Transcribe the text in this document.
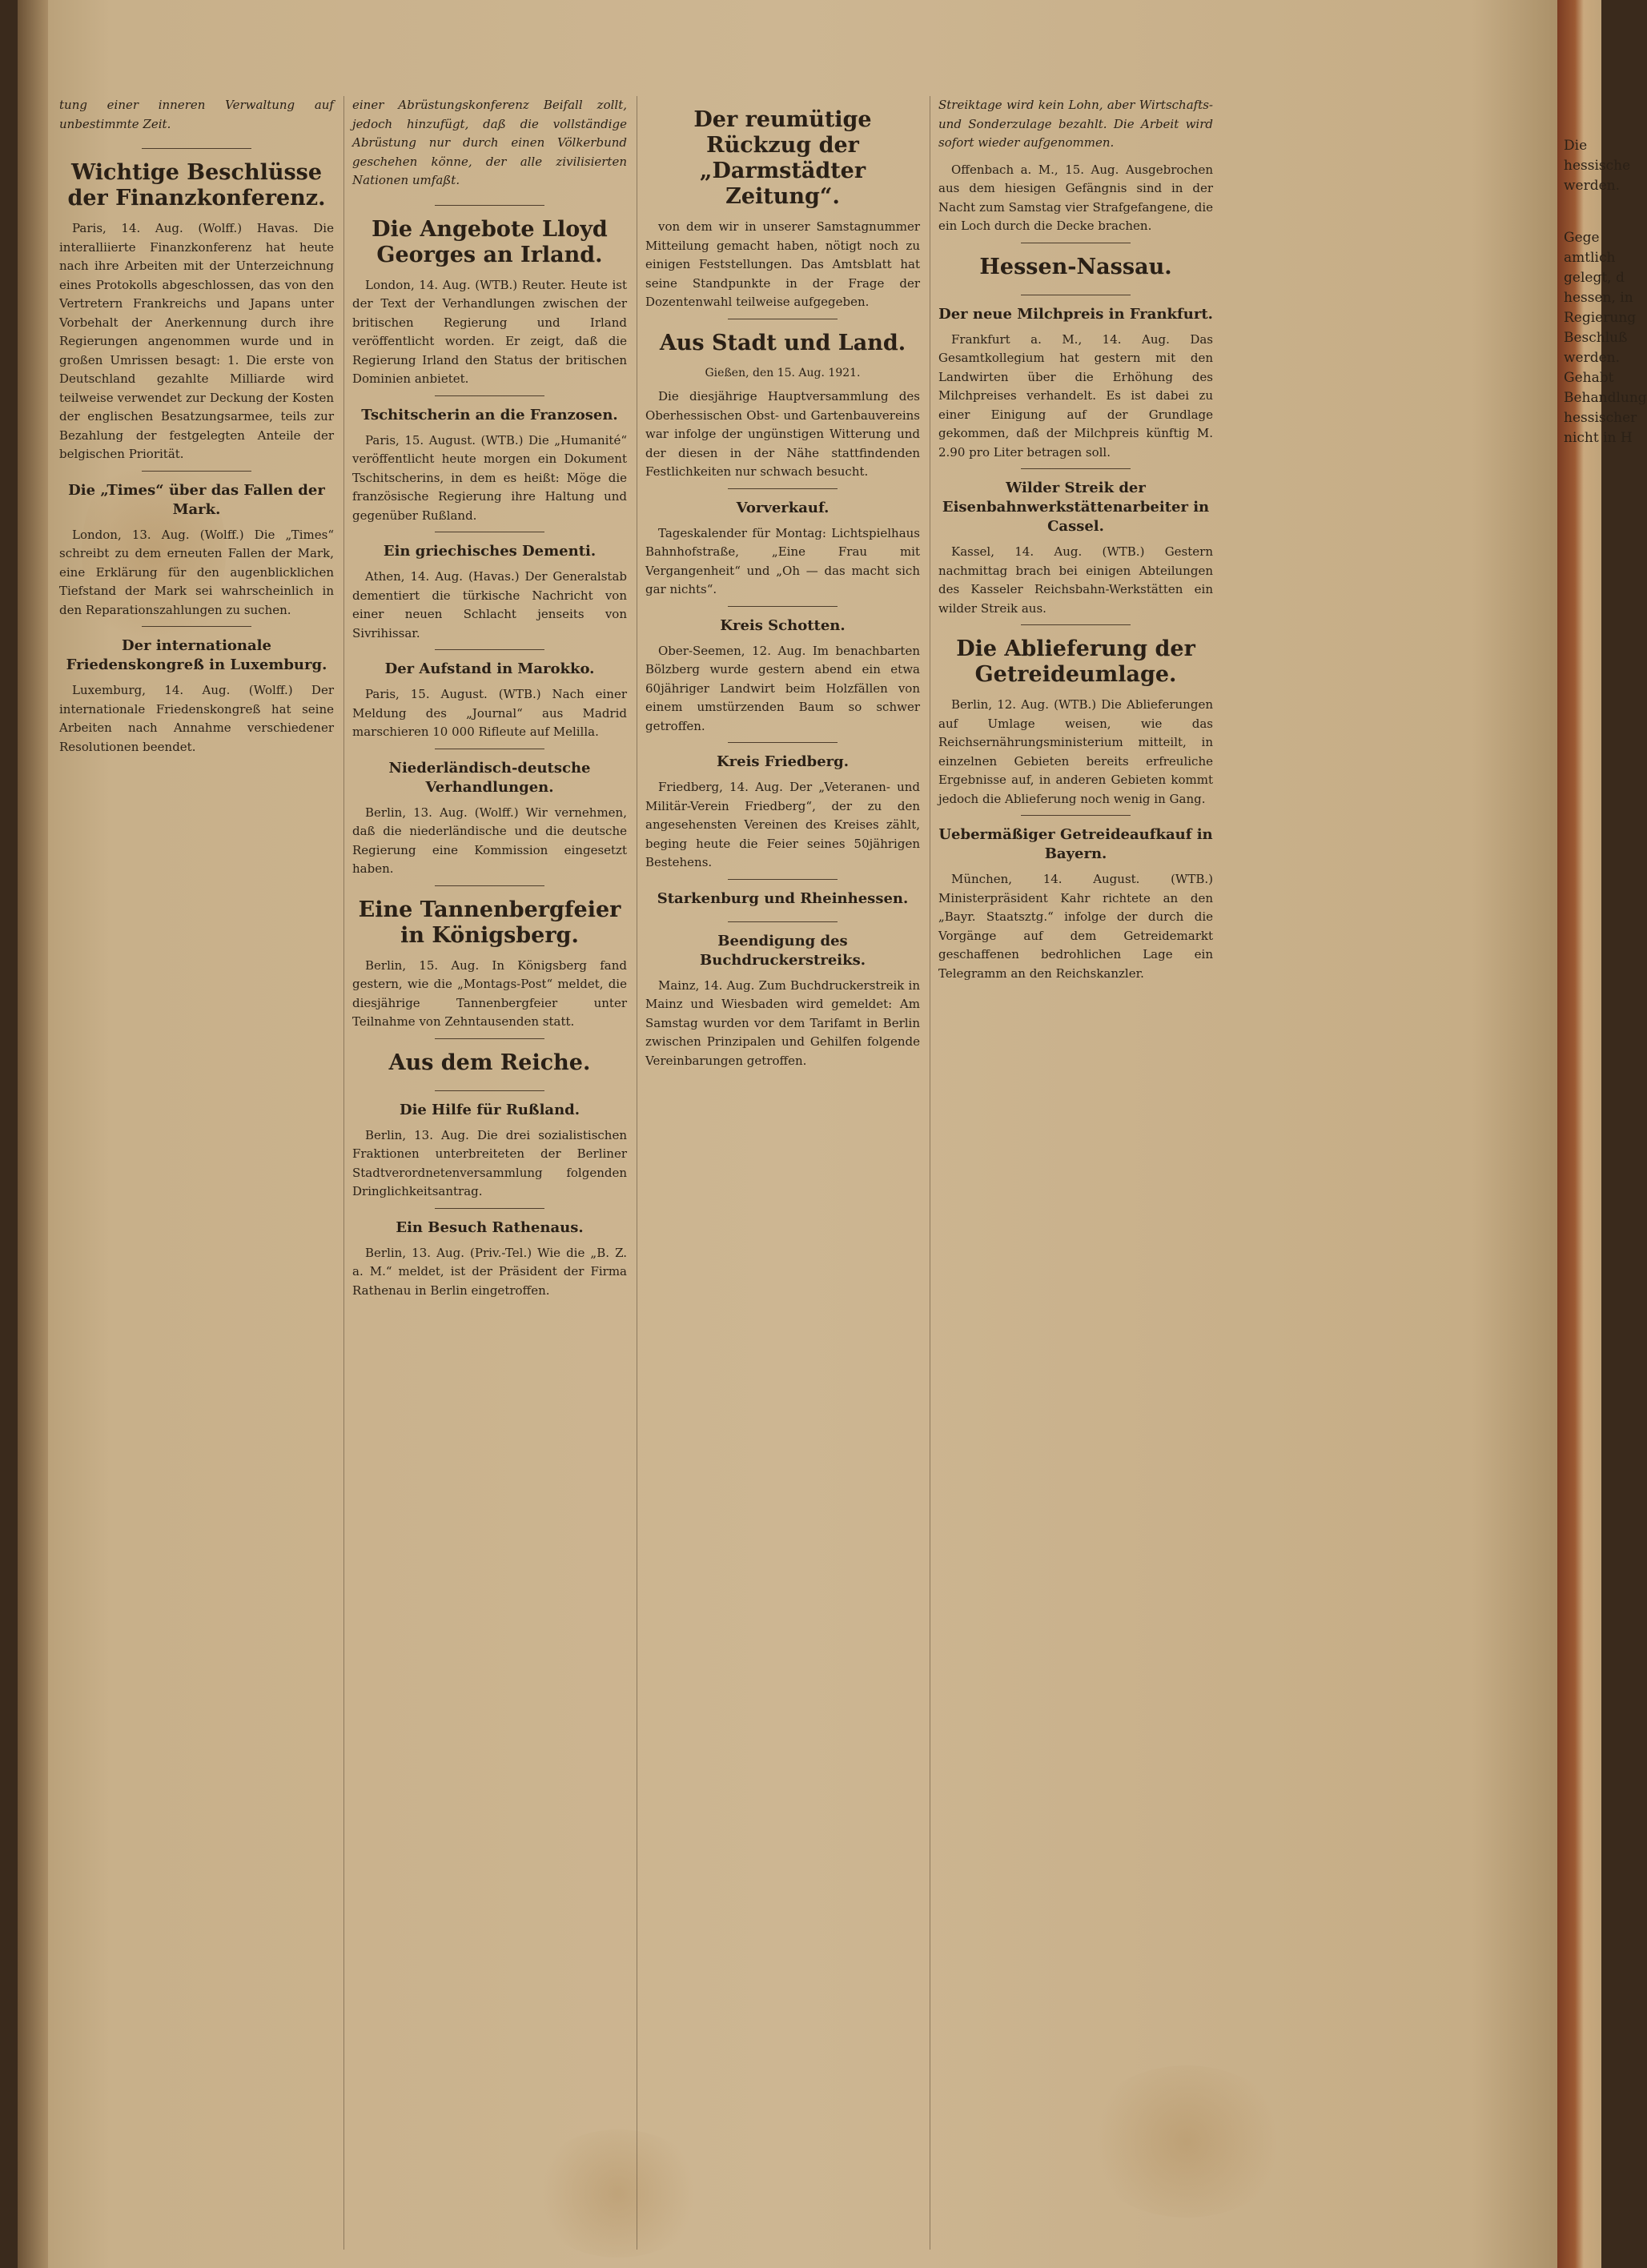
tung einer inneren Verwaltung auf unbestimmte Zeit.
Wichtige Beschlüsse der Finanzkonferenz.

Paris, 14. Aug. (Wolff.) Havas. Die interalliierte Finanzkonferenz hat heute nach ihre Arbeiten mit der Unterzeichnung eines Protokolls abgeschlossen, das von den Vertretern Frankreichs und Japans unter Vorbehalt der Anerkennung durch ihre Regierungen angenommen wurde und in großen Umrissen besagt: 1. Die erste von Deutschland gezahlte Milliarde wird teilweise verwendet zur Deckung der Kosten der englischen Besatzungsarmee, teils zur Bezahlung der festgelegten Anteile der belgischen Priorität.

Die „Times“ über das Fallen der Mark.

London, 13. Aug. (Wolff.) Die „Times“ schreibt zu dem erneuten Fallen der Mark, eine Erklärung für den augenblicklichen Tiefstand der Mark sei wahrscheinlich in den Reparationszahlungen zu suchen.

Der internationale Friedenskongreß in Luxemburg.

Luxemburg, 14. Aug. (Wolff.) Der internationale Friedenskongreß hat seine Arbeiten nach Annahme verschiedener Resolutionen beendet.

einer Abrüstungskonferenz Beifall zollt, jedoch hinzufügt, daß die vollständige Abrüstung nur durch einen Völkerbund geschehen könne, der alle zivilisierten Nationen umfaßt.
Die Angebote Lloyd Georges an Irland.

London, 14. Aug. (WTB.) Reuter. Heute ist der Text der Verhandlungen zwischen der britischen Regierung und Irland veröffentlicht worden. Er zeigt, daß die Regierung Irland den Status der britischen Dominien anbietet.

Tschitscherin an die Franzosen.

Paris, 15. August. (WTB.) Die „Humanité“ veröffentlicht heute morgen ein Dokument Tschitscherins, in dem es heißt: Möge die französische Regierung ihre Haltung und gegenüber Rußland.

Ein griechisches Dementi.

Athen, 14. Aug. (Havas.) Der Generalstab dementiert die türkische Nachricht von einer neuen Schlacht jenseits von Sivrihissar.

Der Aufstand in Marokko.

Paris, 15. August. (WTB.) Nach einer Meldung des „Journal“ aus Madrid marschieren 10 000 Rifleute auf Melilla.

Niederländisch-deutsche Verhandlungen.

Berlin, 13. Aug. (Wolff.) Wir vernehmen, daß die niederländische und die deutsche Regierung eine Kommission eingesetzt haben.

Eine Tannenbergfeier in Königsberg.

Berlin, 15. Aug. In Königsberg fand gestern, wie die „Montags-Post“ meldet, die diesjährige Tannenbergfeier unter Teilnahme von Zehntausenden statt.

Aus dem Reiche.
Die Hilfe für Rußland.

Berlin, 13. Aug. Die drei sozialistischen Fraktionen unterbreiteten der Berliner Stadtverordnetenversammlung folgenden Dringlichkeitsantrag.

Ein Besuch Rathenaus.

Berlin, 13. Aug. (Priv.-Tel.) Wie die „B. Z. a. M.“ meldet, ist der Präsident der Firma Rathenau in Berlin eingetroffen.

Der reumütige Rückzug der „Darmstädter Zeitung“.

von dem wir in unserer Samstagnummer Mitteilung gemacht haben, nötigt noch zu einigen Feststellungen. Das Amtsblatt hat seine Standpunkte in der Frage der Dozentenwahl teilweise aufgegeben.

Aus Stadt und Land.
Gießen, den 15. Aug. 1921.

Die diesjährige Hauptversammlung des Oberhessischen Obst- und Gartenbauvereins war infolge der ungünstigen Witterung und der diesen in der Nähe stattfindenden Festlichkeiten nur schwach besucht.

Vorverkauf.

Tageskalender für Montag: Lichtspielhaus Bahnhofstraße, „Eine Frau mit Vergangenheit“ und „Oh — das macht sich gar nichts“.

Kreis Schotten.

Ober-Seemen, 12. Aug. Im benachbarten Bölzberg wurde gestern abend ein etwa 60jähriger Landwirt beim Holzfällen von einem umstürzenden Baum so schwer getroffen.

Kreis Friedberg.

Friedberg, 14. Aug. Der „Veteranen- und Militär-Verein Friedberg“, der zu den angesehensten Vereinen des Kreises zählt, beging heute die Feier seines 50jährigen Bestehens.

Starkenburg und Rheinhessen.
Beendigung des Buchdruckerstreiks.

Mainz, 14. Aug. Zum Buchdruckerstreik in Mainz und Wiesbaden wird gemeldet: Am Samstag wurden vor dem Tarifamt in Berlin zwischen Prinzipalen und Gehilfen folgende Vereinbarungen getroffen.

Streiktage wird kein Lohn, aber Wirtschafts- und Sonderzulage bezahlt. Die Arbeit wird sofort wieder aufgenommen.

Offenbach a. M., 15. Aug. Ausgebrochen aus dem hiesigen Gefängnis sind in der Nacht zum Samstag vier Strafgefangene, die ein Loch durch die Decke brachen.

Hessen-Nassau.
Der neue Milchpreis in Frankfurt.

Frankfurt a. M., 14. Aug. Das Gesamtkollegium hat gestern mit den Landwirten über die Erhöhung des Milchpreises verhandelt. Es ist dabei zu einer Einigung auf der Grundlage gekommen, daß der Milchpreis künftig M. 2.90 pro Liter betragen soll.

Wilder Streik der Eisenbahnwerkstättenarbeiter in Cassel.

Kassel, 14. Aug. (WTB.) Gestern nachmittag brach bei einigen Abteilungen des Kasseler Reichsbahn-Werkstätten ein wilder Streik aus.

Die Ablieferung der Getreideumlage.

Berlin, 12. Aug. (WTB.) Die Ablieferungen auf Umlage weisen, wie das Reichsernährungsministerium mitteilt, in einzelnen Gebieten bereits erfreuliche Ergebnisse auf, in anderen Gebieten kommt jedoch die Ablieferung noch wenig in Gang.

Uebermäßiger Getreideaufkauf in Bayern.

München, 14. August. (WTB.) Ministerpräsident Kahr richtete an den „Bayr. Staatsztg.“ infolge der durch die Vorgänge auf dem Getreidemarkt geschaffenen bedrohlichen Lage ein Telegramm an den Reichskanzler.

Die
hessische
werden.
Gege
amtlich
gelegt, d
hessen, in
Regierung
Beschluß
werden.
Gehabt
Behandlung
hessischer
nicht in H
